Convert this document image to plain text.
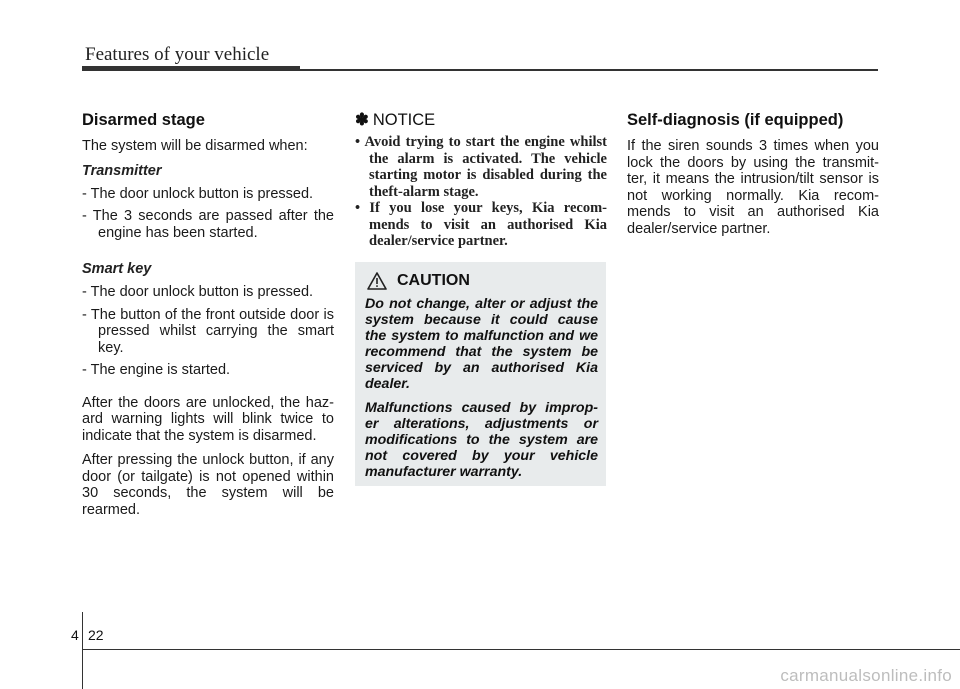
Features of your vehicle
Disarmed stage

The system will be disarmed when:

Transmitter
- The door unlock button is pressed.
- The 3 seconds are passed after the engine has been started.
Smart key
- The door unlock button is pressed.
- The button of the front outside door is pressed whilst carrying the smart key.
- The engine is started.

After the doors are unlocked, the haz- ard warning lights will blink twice to indicate that the system is disarmed.

After pressing the unlock button, if any door (or tailgate) is not opened within 30 seconds, the system will be rearmed.

✽ NOTICE
• Avoid trying to start the engine whilst the alarm is activated. The vehicle starting motor is disabled during the theft-alarm stage.
• If you lose your keys, Kia recom- mends to visit an authorised Kia dealer/service partner.
CAUTION

Do not change, alter or adjust the system because it could cause the system to malfunction and we recommend that the system be serviced by an authorised Kia dealer.

Malfunctions caused by improp- er alterations, adjustments or modifications to the system are not covered by your vehicle manufacturer warranty.

Self-diagnosis (if equipped)

If the siren sounds 3 times when you lock the doors by using the transmit- ter, it means the intrusion/tilt sensor is not working normally. Kia recom- mends to visit an authorised Kia dealer/service partner.

4 22
carmanualsonline.info
